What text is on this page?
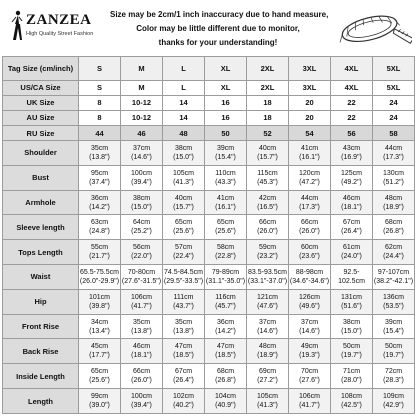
ZANZEA
High Quality Street Fashion
Size may be 2cm/1 inch inaccuracy due to hand measure,
Color may be little different due to monitor,
thanks for your understanding!
Tag Size (cm/inch)	S	M	L	XL	2XL	3XL	4XL	5XL
US/CA Size	S	M	L	XL	2XL	3XL	4XL	5XL
UK Size	8	10-12	14	16	18	20	22	24
AU Size	8	10-12	14	16	18	20	22	24
RU Size	44	46	48	50	52	54	56	58
Shoulder	35cm
(13.8")	37cm
(14.6")	38cm
(15.0")	39cm
(15.4")	40cm
(15.7")	41cm
(16.1")	43cm
(16.9")	44cm
(17.3")

Bust	95cm
(37.4")	100cm
(39.4")	105cm
(41.3")	110cm
(43.3")	115cm
(45.3")	120cm
(47.2")	125cm
(49.2")	130cm
(51.2")

Armhole	36cm
(14.2")	38cm
(15.0")	40cm
(15.7")	41cm
(16.1")	42cm
(16.5")	44cm
(17.3")	46cm
(18.1")	48cm
(18.9")

Sleeve length	63cm
(24.8")	64cm
(25.2")	65cm
(25.6")	65cm
(25.6")	66cm
(26.0")	66cm
(26.0")	67cm
(26.4")	68cm
(26.8")

Tops Length	55cm
(21.7")	56cm
(22.0")	57cm
(22.4")	58cm
(22.8")	59cm
(23.2")	60cm
(23.6")	61cm
(24.0")	62cm
(24.4")

Waist	65.5-75.5cm
(26.0"-29.9")	70-80cm
(27.6"-31.5")	74.5-84.5cm
(29.5"-33.5")	79-89cm
(31.1"-35.0")	83.5-93.5cm
(33.1"-37.0")	88-98cm
(34.6"-34.6")	92.5-
102.5cm	97-107cm
(38.2"-42.1")

Hip	101cm
(39.8")	106cm
(41.7")	111cm
(43.7")	116cm
(45.7")	121cm
(47.6")	126cm
(49.6")	131cm
(51.6")	136cm
(53.5")

Front Rise	34cm
(13.4")	35cm
(13.8")	35cm
(13.8")	36cm
(14.2")	37cm
(14.6")	37cm
(14.6")	38cm
(15.0")	39cm
(15.4")

Back Rise	45cm
(17.7")	46cm
(18.1")	47cm
(18.5")	47cm
(18.5")	48cm
(18.9")	49cm
(19.3")	50cm
(19.7")	50cm
(19.7")

Inside Length	65cm
(25.6")	66cm
(26.0")	67cm
(26.4")	68cm
(26.8")	69cm
(27.2")	70cm
(27.6")	71cm
(28.0")	72cm
(28.3")

Length	99cm
(39.0")	100cm
(39.4")	102cm
(40.2")	104cm
(40.9")	105cm
(41.3")	106cm
(41.7")	108cm
(42.5")	109cm
(42.9")
